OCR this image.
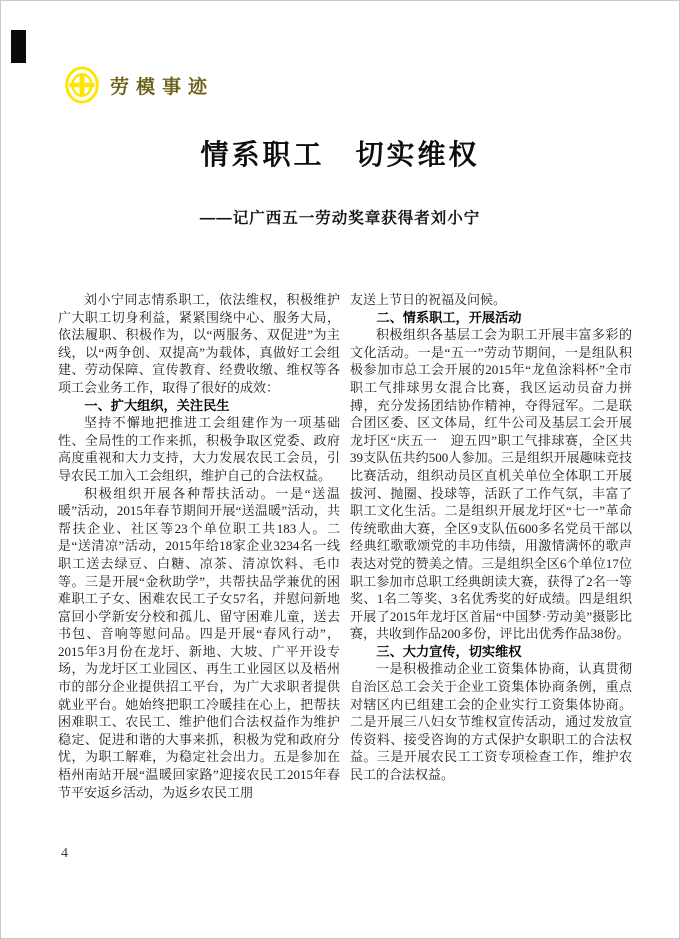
劳模事迹
情系职工　切实维权

——记广西五一劳动奖章获得者刘小宁

刘小宁同志情系职工，依法维权，积极维护广大职工切身利益，紧紧围绕中心、服务大局，依法履职、积极作为，以“两服务、双促进”为主线，以“两争创、双提高”为载体，真做好工会组建、劳动保障、宣传教育、经费收缴、维权等各项工会业务工作，取得了很好的成效：

一、扩大组织，关注民生

坚持不懈地把推进工会组建作为一项基础性、全局性的工作来抓，积极争取区党委、政府高度重视和大力支持，大力发展农民工会员，引导农民工加入工会组织，维护自己的合法权益。

积极组织开展各种帮扶活动。一是“送温暖”活动，2015年春节期间开展“送温暖”活动，共帮扶企业、社区等23个单位职工共183人。二是“送清凉”活动，2015年给18家企业3234名一线职工送去绿豆、白糖、凉茶、清凉饮料、毛巾等。三是开展“金秋助学”，共帮扶品学兼优的困难职工子女、困难农民工子女57名，并慰问新地富回小学新安分校和孤儿、留守困难儿童，送去书包、音响等慰问品。四是开展“春风行动”，2015年3月份在龙圩、新地、大坡、广平开设专场，为龙圩区工业园区、再生工业园区以及梧州市的部分企业提供招工平台，为广大求职者提供就业平台。她始终把职工冷暖挂在心上，把帮扶困难职工、农民工、维护他们合法权益作为维护稳定、促进和谐的大事来抓，积极为党和政府分忧，为职工解难，为稳定社会出力。五是参加在梧州南站开展“温暖回家路”迎接农民工2015年春节平安返乡活动，为返乡农民工朋

友送上节日的祝福及问候。

二、情系职工，开展活动

积极组织各基层工会为职工开展丰富多彩的文化活动。一是“五一”劳动节期间，一是组队积极参加市总工会开展的2015年“龙鱼涂料杯”全市职工气排球男女混合比赛，我区运动员奋力拼搏，充分发扬团结协作精神，夺得冠军。二是联合团区委、区文体局，红牛公司及基层工会开展龙圩区“庆五一　迎五四”职工气排球赛，全区共39支队伍共约500人参加。三是组织开展趣味竞技比赛活动，组织动员区直机关单位全体职工开展拔河、抛圈、投球等，活跃了工作气氛，丰富了职工文化生活。二是组织开展龙圩区“七一”革命传统歌曲大赛，全区9支队伍600多名党员干部以经典红歌歌颂党的丰功伟绩，用激情满怀的歌声表达对党的赞美之情。三是组织全区6个单位17位职工参加市总职工经典朗读大赛，获得了2名一等奖、1名二等奖、3名优秀奖的好成绩。四是组织开展了2015年龙圩区首届“中国梦·劳动美”摄影比赛，共收到作品200多份，评比出优秀作品38份。

三、大力宣传，切实维权

一是积极推动企业工资集体协商，认真贯彻自治区总工会关于企业工资集体协商条例，重点对辖区内已组建工会的企业实行工资集体协商。二是开展三八妇女节维权宣传活动，通过发放宣传资料、接受咨询的方式保护女职职工的合法权益。三是开展农民工工资专项检查工作，维护农民工的合法权益。

4
